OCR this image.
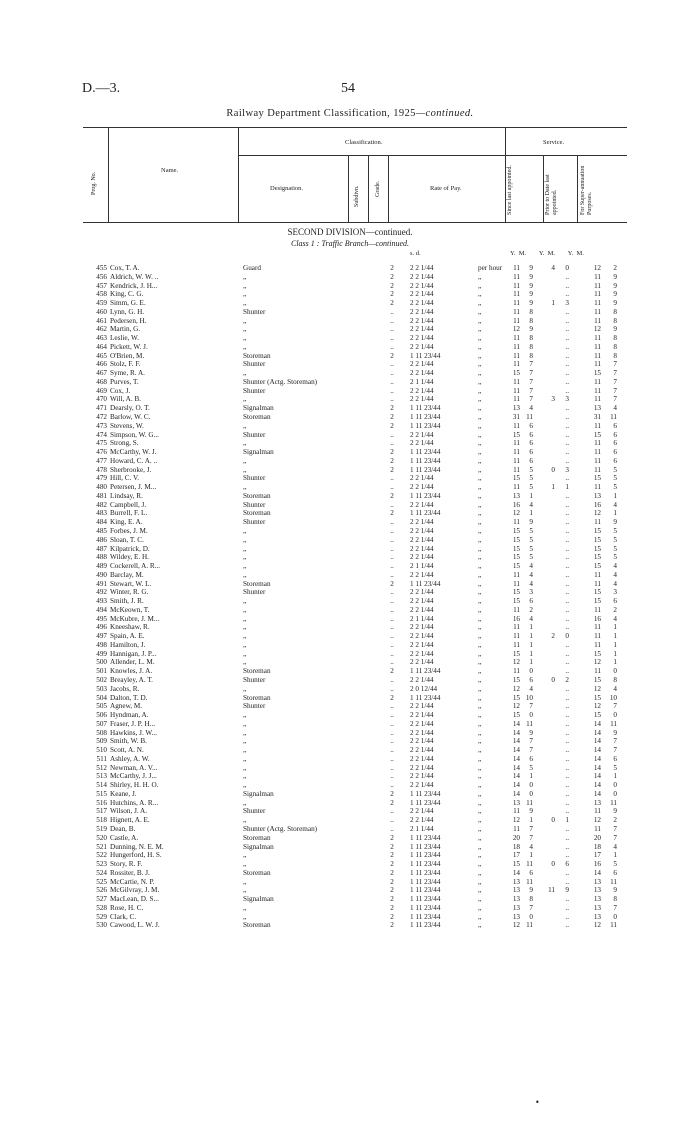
D.—3.	54
Railway Department Classification, 1925—continued.
Prog. No.
Name.
Classification.	Service.
Designation.	Subdivn.	Grade.	Rate of Pay.	Since last appointed.	Prior to Date last appointed.	For Super-annuation Purposes.
SECOND DIVISION—continued.
Class 1 : Traffic Branch—continued.
s. d.	Y.  M.        Y.  M.        Y.  M.
455 Cox, T. A.	Guard	2	2 2 1/44	per hour	11	9	4	0	12	2
456 Aldrich, W. W. ..	,,	2	2 2 1/44	,,	11	9	..	11	9
457 Kendrick, J. H...	,,	2	2 2 1/44	,,	11	9	..	11	9
458 King, C. G.	,,	2	2 2 1/44	,,	11	9	..	11	9
459 Simm, G. E.	,,	2	2 2 1/44	,,	11	9	1	3	11	9
460 Lynn, G. H.	Shunter	..	2 2 1/44	,,	11	8	..	11	8
461 Pedersen, H.	,,	..	2 2 1/44	,,	11	8	..	11	8
462 Martin, G.	,,	..	2 2 1/44	,,	12	9	..	12	9
463 Leslie, W.	,,	..	2 2 1/44	,,	11	8	..	11	8
464 Pickett, W. J.	,,	..	2 2 1/44	,,	11	8	..	11	8
465 O'Brien, M.	Storeman	2	1 11 23/44	,,	11	8	..	11	8
466 Stolz, F. F.	Shunter	..	2 2 1/44	,,	11	7	..	11	7
467 Syme, R. A.	,,	..	2 2 1/44	,,	15	7	..	15	7
468 Purves, T.	Shunter (Actg. Storeman)	..	2 1 1/44	,,	11	7	..	11	7
469 Cox, J.	Shunter	..	2 2 1/44	,,	11	7	..	11	7
470 Will, A. B.	,,	..	2 2 1/44	,,	11	7	3	3	11	7
471 Dearsly, O. T.	Signalman	2	1 11 23/44	,,	13	4	..	13	4
472 Barlow, W. C.	Storeman	2	1 11 23/44	,,	31 11	..	31	11
473 Stevens, W.	,,	2	1 11 23/44	,,	11	6	..	11	6
474 Simpson, W. G...	Shunter	..	2 2 1/44	,,	15	6	..	15	6
475 Strong, S.	,,	..	2 2 1/44	,,	11	6	..	11	6
476 McCarthy, W. J.	Signalman	2	1 11 23/44	,,	11	6	..	11	6
477 Howard, C. A. ..	,,	2	1 11 23/44	,,	11	6	..	11	6
478 Sherbrooke, J.	,,	2	1 11 23/44	,,	11	5	0	3	11	5
479 Hill, C. V.	Shunter	..	2 2 1/44	,,	15	5	..	15	5
480 Petersen, J. M...	,,	..	2 2 1/44	,,	11	5	1	1	11	5
481 Lindsay, R.	Storeman	2	1 11 23/44	,,	13	1	..	13	1
482 Campbell, J.	Shunter	..	2 2 1/44	,,	16	4	..	16	4
483 Burrell, F. L.	Storeman	2	1 11 23/44	,,	12	1	..	12	1
484 King, E. A.	Shunter	..	2 2 1/44	,,	11	9	..	11	9
485 Forbes, J. M.	,,	..	2 2 1/44	,,	15	5	..	15	5
486 Sloan, T. C.	,,	..	2 2 1/44	,,	15	5	..	15	5
487 Kilpatrick, D.	,,	..	2 2 1/44	,,	15	5	..	15	5
488 Wildey, E. H.	,,	..	2 2 1/44	,,	15	5	..	15	5
489 Cockerell, A. R...	,,	..	2 1 1/44	,,	15	4	..	15	4
490 Barclay, M.	,,	..	2 2 1/44	,,	11	4	..	11	4
491 Stewart, W. L.	Storeman	2	1 11 23/44	,,	11	4	..	11	4
492 Winter, R. G.	Shunter	..	2 2 1/44	,,	15	3	..	15	3
493 Smith, J. R.	,,	..	2 2 1/44	,,	15	6	..	15	6
494 McKeown, T.	,,	..	2 2 1/44	,,	11	2	..	11	2
495 McKubre, J. M...	,,	..	2 1 1/44	,,	16	4	..	16	4
496 Kneeshaw, R.	,,	..	2 2 1/44	,,	11	1	..	11	1
497 Spain, A. E.	,,	..	2 2 1/44	,,	11	1	2	0	11	1
498 Hamilton, J.	,,	..	2 2 1/44	,,	11	1	..	11	1
499 Hannigan, J. P...	,,	..	2 2 1/44	,,	15	1	..	15	1
500 Allender, L. M.	,,	..	2 2 1/44	,,	12	1	..	12	1
501 Knowles, J. A.	Storeman	2	1 11 23/44	,,	11	0	..	11	0
502 Breayley, A. T.	Shunter	..	2 2 1/44	,,	15	6	0	2	15	8
503 Jacobs, R.	,,	..	2 0 12/44	,,	12	4	..	12	4
504 Dalton, T. D.	Storeman	2	1 11 23/44	,,	15 10	..	15	10
505 Agnew, M.	Shunter	..	2 2 1/44	,,	12	7	..	12	7
506 Hyndman, A.	,,	..	2 2 1/44	,,	15	0	..	15	0
507 Fraser, J. P. H...	,,	..	2 2 1/44	,,	14 11	..	14	11
508 Hawkins, J. W...	,,	..	2 2 1/44	,,	14	9	..	14	9
509 Smith, W. B.	,,	..	2 2 1/44	,,	14	7	..	14	7
510 Scott, A. N.	,,	..	2 2 1/44	,,	14	7	..	14	7
511 Ashley, A. W.	,,	..	2 2 1/44	,,	14	6	..	14	6
512 Newman, A. V...	,,	..	2 2 1/44	,,	14	5	..	14	5
513 McCarthy, J. J...	,,	..	2 2 1/44	,,	14	1	..	14	1
514 Shirley, H. H. O.	,,	..	2 2 1/44	,,	14	0	..	14	0
515 Keane, J.	Signalman	2	1 11 23/44	,,	14	0	..	14	0
516 Hutchins, A. R...	,,	2	1 11 23/44	,,	13 11	..	13	11
517 Wilson, J. A.	Shunter	..	2 2 1/44	,,	11	9	..	11	9
518 Hignett, A. E.	,,	..	2 2 1/44	,,	12	1	0	1	12	2
519 Dean, B.	Shunter (Actg. Storeman)	..	2 1 1/44	,,	11	7	..	11	7
520 Castle, A.	Storeman	2	1 11 23/44	,,	20	7	..	20	7
521 Dunning, N. E. M.	Signalman	2	1 11 23/44	,,	18	4	..	18	4
522 Hungerford, H. S.	,,	2	1 11 23/44	,,	17	1	..	17	1
523 Story, R. F.	,,	2	1 11 23/44	,,	15 11	0	6	16	5
524 Rossiter, B. J.	Storeman	2	1 11 23/44	,,	14	6	..	14	6
525 McCartie, N. P.	,,	2	1 11 23/44	,,	13 11	..	13	11
526 McGilvray, J. M.	,,	2	1 11 23/44	,,	13	9	11	9	13	9
527 MacLean, D. S...	Signalman	2	1 11 23/44	,,	13	8	..	13	8
528 Rose, H. C.	,,	2	1 11 23/44	,,	13	7	..	13	7
529 Clark, C.	,,	2	1 11 23/44	,,	13	0	..	13	0
530 Cawood, L. W. J.	Storeman	2	1 11 23/44	,,	12 11	..	12	11
•
